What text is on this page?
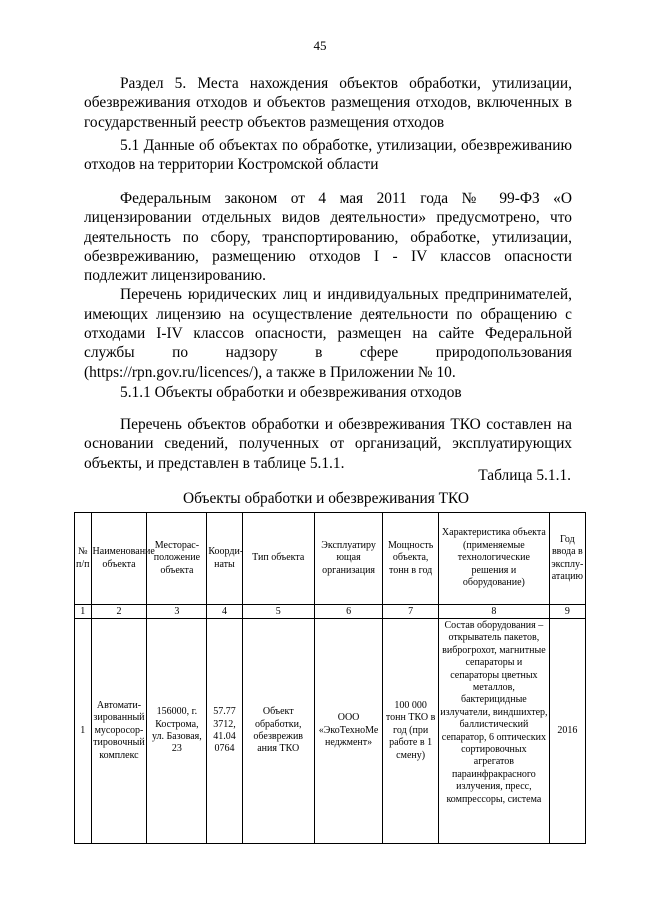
45

Раздел 5. Места нахождения объектов обработки, утилизации, обезвреживания отходов и объектов размещения отходов, включенных в государственный реестр объектов размещения отходов

5.1 Данные об объектах по обработке, утилизации, обезвреживанию отходов на территории Костромской области

Федеральным законом от 4 мая 2011 года № 99-ФЗ «О лицензировании отдельных видов деятельности» предусмотрено, что деятельность по сбору, транспортированию, обработке, утилизации, обезвреживанию, размещению отходов I - IV классов опасности подлежит лицензированию.

Перечень юридических лиц и индивидуальных предпринимателей, имеющих лицензию на осуществление деятельности по обращению с отходами I-IV классов опасности, размещен на сайте Федеральной службы по надзору в сфере природопользования (https://rpn.gov.ru/licences/), а также в Приложении № 10.

5.1.1 Объекты обработки и обезвреживания отходов

Перечень объектов обработки и обезвреживания ТКО составлен на основании сведений, полученных от организаций, эксплуатирующих объекты, и представлен в таблице 5.1.1.

Таблица 5.1.1.
Объекты обработки и обезвреживания ТКО
№ п/п	Наименование объекта	Месторас-положение объекта	Коорди-наты	Тип объекта	Эксплуатиру ющая организация	Мощность объекта, тонн в год	Характеристика объекта (применяемые технологические решения и оборудование)	Год ввода в эксплу-атацию
1	2	3	4	5	6	7	8	9
1	Автомати-зированный мусоросор-тировочный комплекс	156000, г. Кострома, ул. Базовая, 23	57.77 3712, 41.04 0764	Объект обработки, обезврежив ания ТКО	ООО «ЭкоТехноМе неджмент»	100 000 тонн ТКО в год (при работе в 1 смену)	Состав оборудования – открыватель пакетов, виброгрохот, магнитные сепараторы и сепараторы цветных металлов, бактерицидные излучатели, виндшихтер, баллистический сепаратор, 6 оптических сортировочных агрегатов параинфракрасного излучения, пресс, компрессоры, система	2016
